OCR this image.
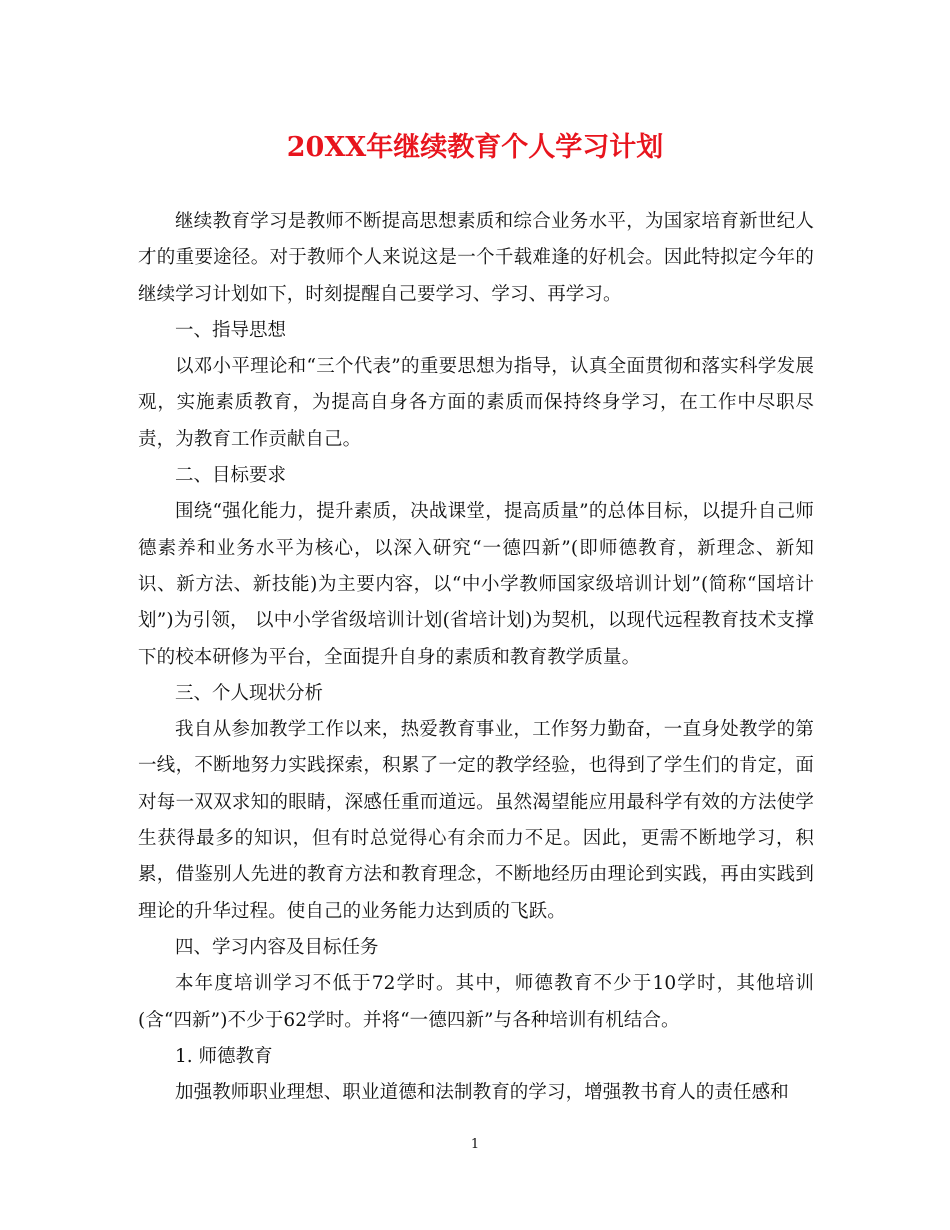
20XX年继续教育个人学习计划

继续教育学习是教师不断提高思想素质和综合业务水平，为国家培育新世纪人才的重要途径。对于教师个人来说这是一个千载难逢的好机会。因此特拟定今年的继续学习计划如下，时刻提醒自己要学习、学习、再学习。

一、指导思想

以邓小平理论和“三个代表”的重要思想为指导，认真全面贯彻和落实科学发展观，实施素质教育，为提高自身各方面的素质而保持终身学习，在工作中尽职尽责，为教育工作贡献自己。

二、目标要求

围绕“强化能力，提升素质，决战课堂，提高质量”的总体目标，以提升自己师德素养和业务水平为核心，以深入研究“一德四新”(即师德教育，新理念、新知识、新方法、新技能)为主要内容，以“中小学教师国家级培训计划”(简称“国培计划”)为引领， 以中小学省级培训计划(省培计划)为契机，以现代远程教育技术支撑下的校本研修为平台，全面提升自身的素质和教育教学质量。

三、个人现状分析

我自从参加教学工作以来，热爱教育事业，工作努力勤奋，一直身处教学的第一线，不断地努力实践探索，积累了一定的教学经验，也得到了学生们的肯定，面对每一双双求知的眼睛，深感任重而道远。虽然渴望能应用最科学有效的方法使学生获得最多的知识，但有时总觉得心有余而力不足。因此，更需不断地学习，积累，借鉴别人先进的教育方法和教育理念，不断地经历由理论到实践，再由实践到理论的升华过程。使自己的业务能力达到质的飞跃。

四、学习内容及目标任务

本年度培训学习不低于72学时。其中，师德教育不少于10学时，其他培训(含“四新”)不少于62学时。并将“一德四新”与各种培训有机结合。

1. 师德教育

加强教师职业理想、职业道德和法制教育的学习，增强教书育人的责任感和

1
